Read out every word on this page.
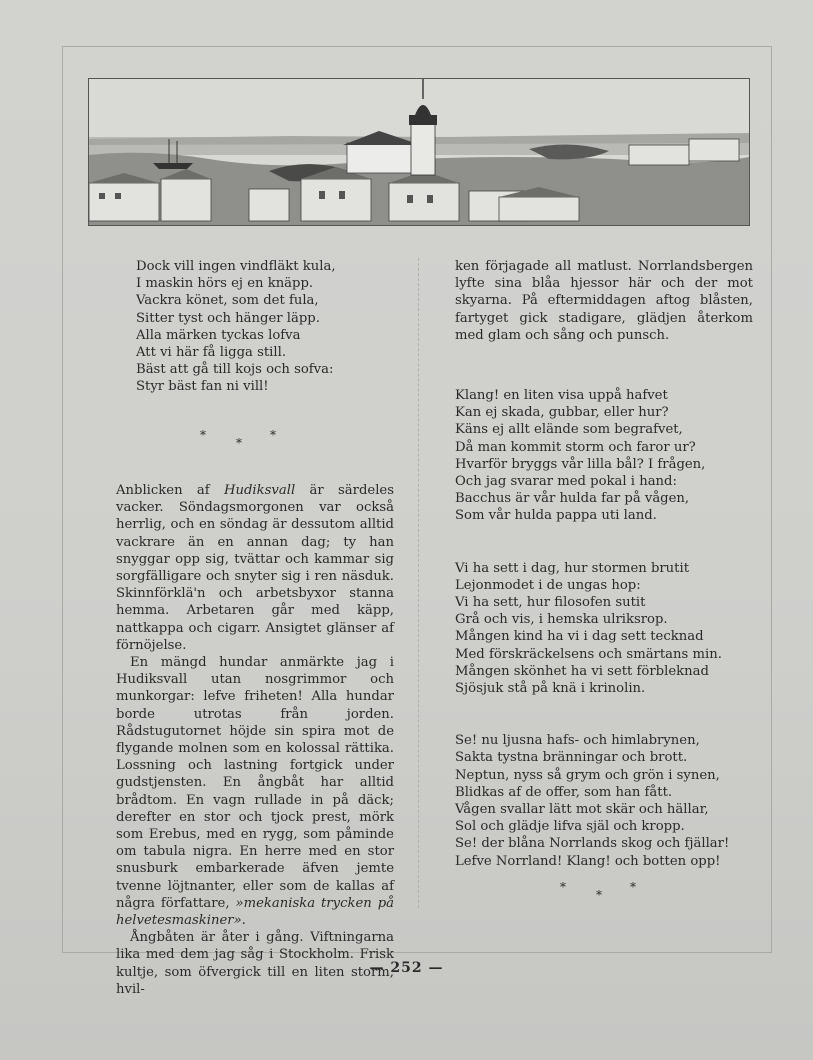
Dock vill ingen vindfläkt kula,
I maskin hörs ej en knäpp.
Vackra könet, som det fula,
Sitter tyst och hänger läpp.
Alla märken tyckas lofva
Att vi här få ligga still.
Bäst att gå till kojs och sofva:
Styr bäst fan ni vill!
*
*
*

Anblicken af Hudiksvall är särdeles vacker. Söndagsmorgonen var också herrlig, och en söndag är dessutom alltid vackrare än en annan dag; ty han snyggar opp sig, tvättar och kammar sig sorgfälligare och snyter sig i ren näsduk. Skinnförklä'n och arbetsbyxor stanna hemma. Arbetaren går med käpp, nattkappa och cigarr. Ansigtet glänser af förnöjelse.

En mängd hundar anmärkte jag i Hudiksvall utan nosgrimmor och munkorgar: lefve friheten! Alla hundar borde utrotas från jorden. Rådstugutornet höjde sin spira mot de flygande molnen som en kolossal rättika. Lossning och lastning fortgick under gudstjensten. En ångbåt har alltid brådtom. En vagn rullade in på däck; derefter en stor och tjock prest, mörk som Erebus, med en rygg, som påminde om tabula nigra. En herre med en stor snusburk embarkerade äfven jemte tvenne löjtnanter, eller som de kallas af några författare, »mekaniska trycken på helvetesmaskiner».

Ångbåten är åter i gång. Viftningarna lika med dem jag såg i Stockholm. Frisk kultje, som öfvergick till en liten storm, hvil-

ken förjagade all matlust. Norrlandsbergen lyfte sina blåa hjessor här och der mot skyarna. På eftermiddagen aftog blåsten, fartyget gick stadigare, glädjen återkom med glam och sång och punsch.
Klang! en liten visa uppå hafvet
Kan ej skada, gubbar, eller hur?
Käns ej allt elände som begrafvet,
Då man kommit storm och faror ur?
Hvarför bryggs vår lilla bål? I frågen,
Och jag svarar med pokal i hand:
Bacchus är vår hulda far på vågen,
Som vår hulda pappa uti land.
Vi ha sett i dag, hur stormen brutit
Lejonmodet i de ungas hop:
Vi ha sett, hur filosofen sutit
Grå och vis, i hemska ulriksrop.
Mången kind ha vi i dag sett tecknad
Med förskräckelsens och smärtans min.
Mången skönhet ha vi sett förbleknad
Sjösjuk stå på knä i krinolin.
Se! nu ljusna hafs- och himlabrynen,
Sakta tystna bränningar och brott.
Neptun, nyss så grym och grön i synen,
Blidkas af de offer, som han fått.
Vågen svallar lätt mot skär och hällar,
Sol och glädje lifva själ och kropp.
Se! der blåna Norrlands skog och fjällar!
Lefve Norrland! Klang! och botten opp!
*
*
*
— 252 —
